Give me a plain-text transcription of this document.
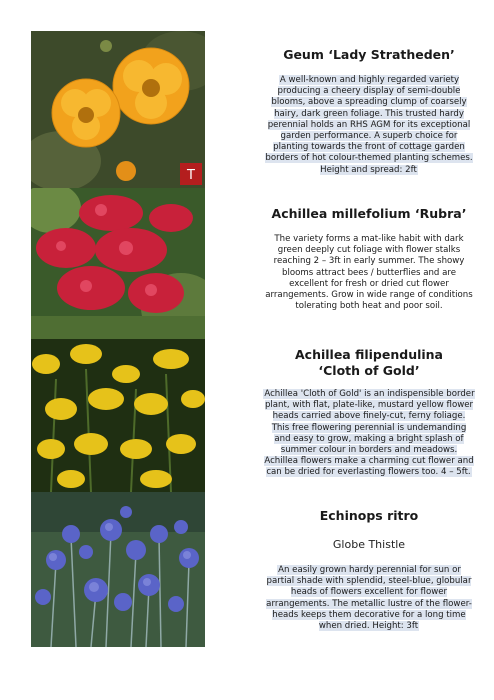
T
Geum ‘Lady Stratheden’
A well-known and highly regarded variety producing a cheery display of semi-double blooms, above a spreading clump of coarsely hairy, dark green foliage. This trusted hardy perennial holds an RHS AGM for its exceptional garden performance. A superb choice for planting towards the front of cottage garden borders of hot colour-themed planting schemes. Height and spread: 2ft
Achillea millefolium ‘Rubra’
The variety forms a mat-like habit with dark green deeply cut foliage with flower stalks reaching 2 – 3ft in early summer. The showy blooms attract bees / butterflies and are excellent for fresh or dried cut flower arrangements. Grow in wide range of conditions tolerating both heat and poor soil.
Achillea filipendulina
‘Cloth of Gold’
Achillea 'Cloth of Gold' is an indispensible border plant, with flat, plate-like, mustard yellow flower heads carried above finely-cut, ferny foliage. This free flowering perennial is undemanding and easy to grow, making a bright splash of summer colour in borders and meadows. Achillea flowers make a charming cut flower and can be dried for everlasting flowers too. 4 – 5ft.
Echinops ritro
Globe Thistle
An easily grown hardy perennial for sun or partial shade with splendid, steel-blue, globular heads of flowers excellent for flower arrangements. The metallic lustre of the flower-heads keeps them decorative for a long time when dried. Height: 3ft
